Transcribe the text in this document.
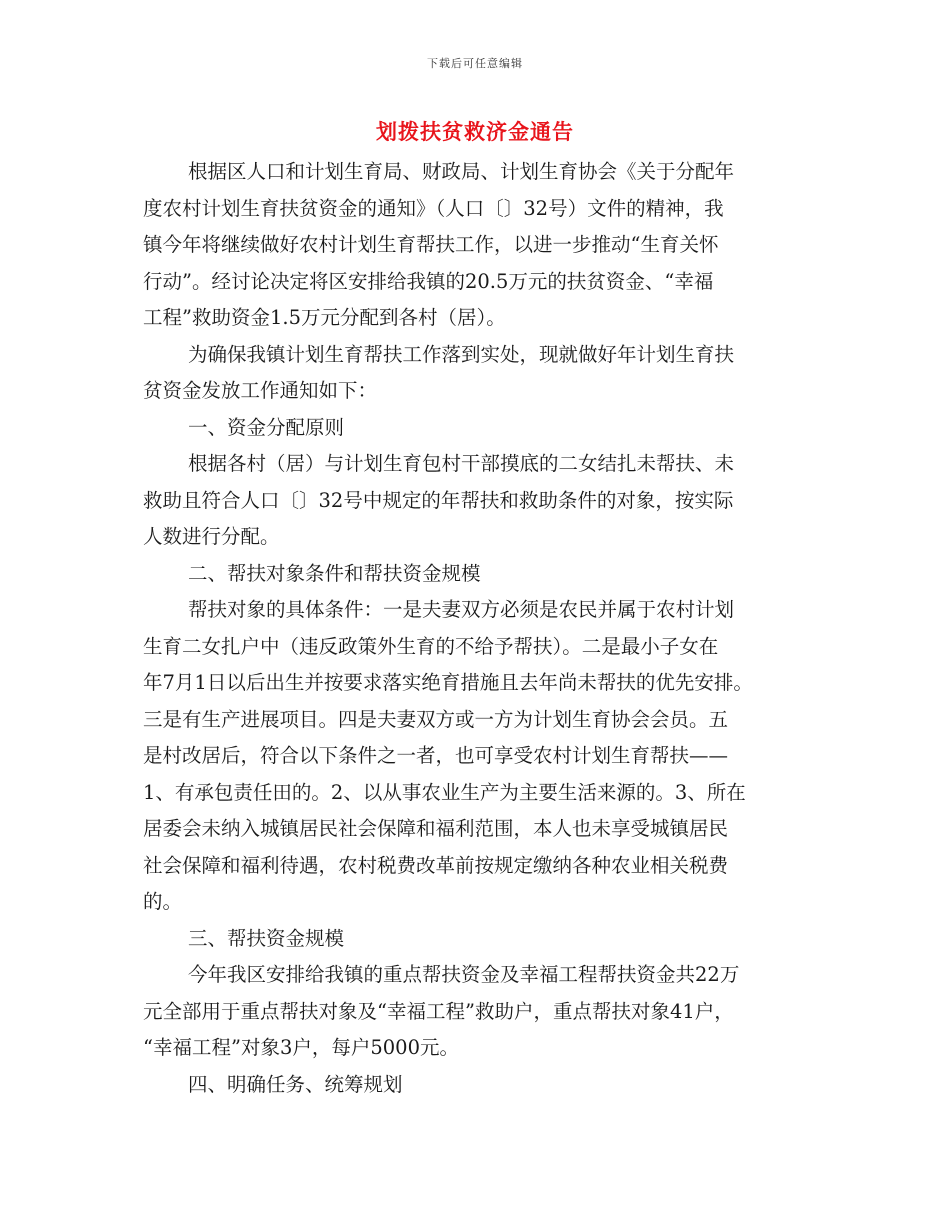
下载后可任意编辑
划拨扶贫救济金通告
根据区人口和计划生育局、财政局、计划生育协会《关于分配年
度农村计划生育扶贫资金的通知》（人口〔〕32号）文件的精神，我
镇今年将继续做好农村计划生育帮扶工作，以进一步推动“生育关怀
行动”。经讨论决定将区安排给我镇的20.5万元的扶贫资金、“幸福
工程”救助资金1.5万元分配到各村（居）。
为确保我镇计划生育帮扶工作落到实处，现就做好年计划生育扶
贫资金发放工作通知如下：
一、资金分配原则
根据各村（居）与计划生育包村干部摸底的二女结扎未帮扶、未
救助且符合人口〔〕32号中规定的年帮扶和救助条件的对象，按实际
人数进行分配。
二、帮扶对象条件和帮扶资金规模
帮扶对象的具体条件：一是夫妻双方必须是农民并属于农村计划
生育二女扎户中（违反政策外生育的不给予帮扶）。二是最小子女在
年7月1日以后出生并按要求落实绝育措施且去年尚未帮扶的优先安排。
三是有生产进展项目。四是夫妻双方或一方为计划生育协会会员。五
是村改居后，符合以下条件之一者，也可享受农村计划生育帮扶——
1、有承包责任田的。2、以从事农业生产为主要生活来源的。3、所在
居委会未纳入城镇居民社会保障和福利范围，本人也未享受城镇居民
社会保障和福利待遇，农村税费改革前按规定缴纳各种农业相关税费
的。
三、帮扶资金规模
今年我区安排给我镇的重点帮扶资金及幸福工程帮扶资金共22万
元全部用于重点帮扶对象及“幸福工程”救助户，重点帮扶对象41户，
“幸福工程”对象3户，每户5000元。
四、明确任务、统筹规划
